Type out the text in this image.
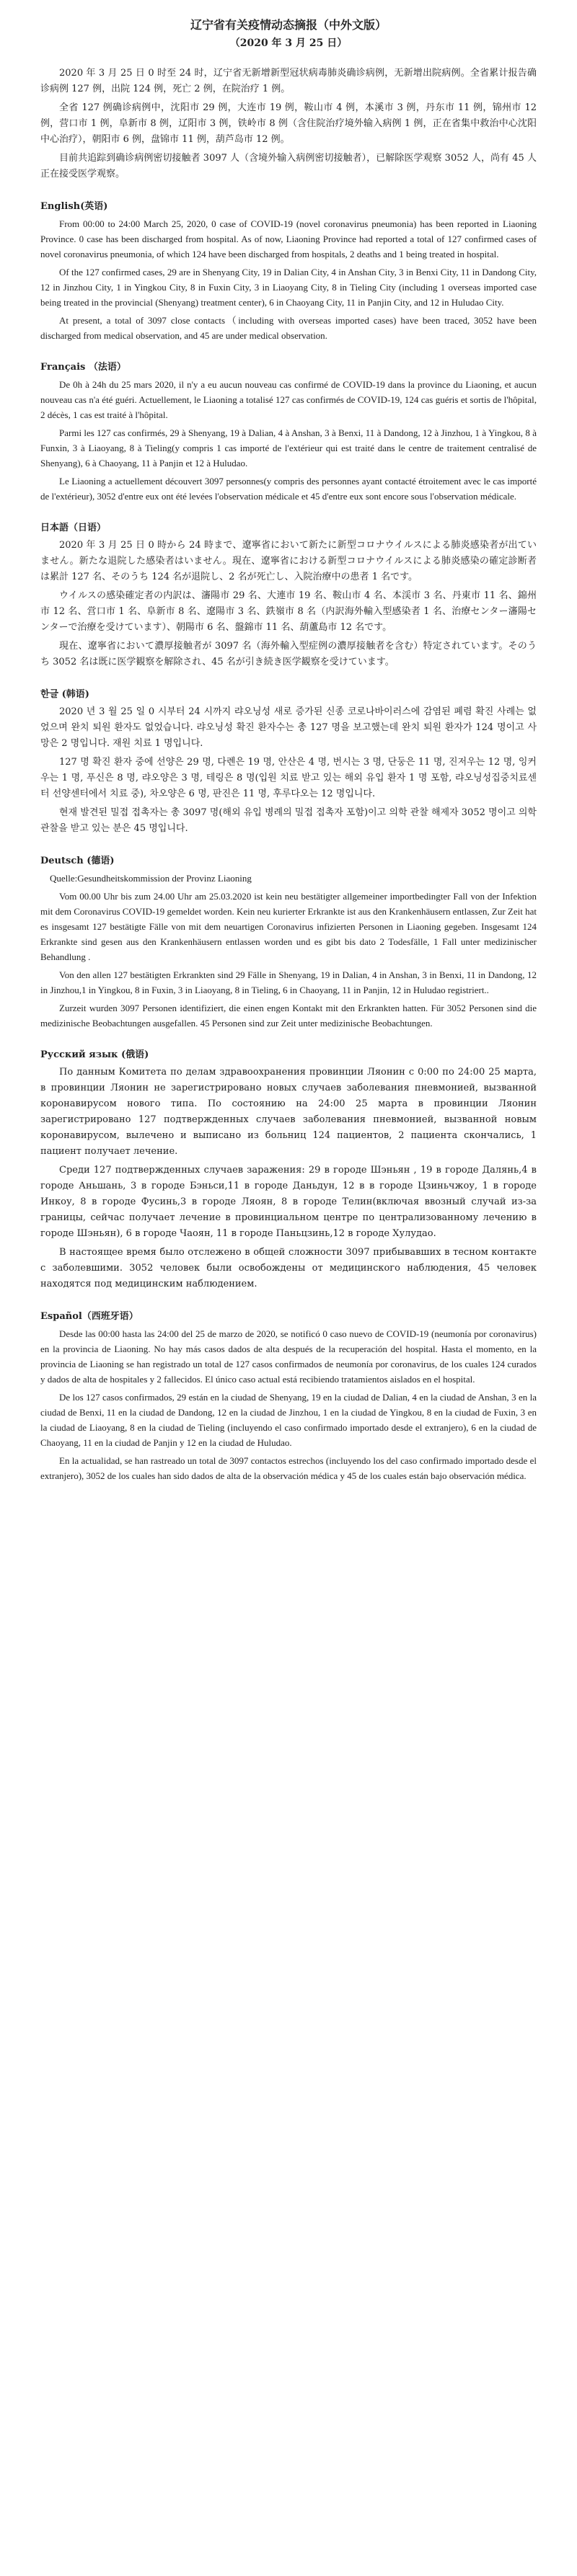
辽宁省有关疫情动态摘报（中外文版）
（2020 年 3 月 25 日）

2020 年 3 月 25 日 0 时至 24 时，辽宁省无新增新型冠状病毒肺炎确诊病例，无新增出院病例。全省累计报告确诊病例 127 例，出院 124 例，死亡 2 例，在院治疗 1 例。

全省 127 例确诊病例中，沈阳市 29 例，大连市 19 例，鞍山市 4 例，本溪市 3 例，丹东市 11 例，锦州市 12 例，营口市 1 例，阜新市 8 例，辽阳市 3 例，铁岭市 8 例（含住院治疗境外输入病例 1 例，正在省集中救治中心沈阳中心治疗），朝阳市 6 例，盘锦市 11 例，葫芦岛市 12 例。

目前共追踪到确诊病例密切接触者 3097 人（含境外输入病例密切接触者），已解除医学观察 3052 人，尚有 45 人正在接受医学观察。

English(英语)

From 00:00 to 24:00 March 25, 2020, 0 case of COVID-19 (novel coronavirus pneumonia) has been reported in Liaoning Province. 0 case has been discharged from hospital. As of now, Liaoning Province had reported a total of 127 confirmed cases of novel coronavirus pneumonia, of which 124 have been discharged from hospitals, 2 deaths and 1 being treated in hospital.

Of the 127 confirmed cases, 29 are in Shenyang City, 19 in Dalian City, 4 in Anshan City, 3 in Benxi City, 11 in Dandong City, 12 in Jinzhou City, 1 in Yingkou City, 8 in Fuxin City, 3 in Liaoyang City, 8 in Tieling City (including 1 overseas imported case being treated in the provincial (Shenyang) treatment center), 6 in Chaoyang City, 11 in Panjin City, and 12 in Huludao City.

At present, a total of 3097 close contacts（including with overseas imported cases) have been traced, 3052 have been discharged from medical observation, and 45 are under medical observation.

Français （法语）

De 0h à 24h du 25 mars 2020, il n'y a eu aucun nouveau cas confirmé de COVID-19 dans la province du Liaoning, et aucun nouveau cas n'a été guéri. Actuellement, le Liaoning a totalisé 127 cas confirmés de COVID-19, 124 cas guéris et sortis de l'hôpital, 2 décès, 1 cas est traité à l'hôpital.

Parmi les 127 cas confirmés, 29 à Shenyang, 19 à Dalian, 4 à Anshan, 3 à Benxi, 11 à Dandong, 12 à Jinzhou, 1 à Yingkou, 8 à Funxin, 3 à Liaoyang, 8 à Tieling(y compris 1 cas importé de l'extérieur qui est traité dans le centre de traitement centralisé de Shenyang), 6 à Chaoyang, 11 à Panjin et 12 à Huludao.

Le Liaoning a actuellement découvert 3097 personnes(y compris des personnes ayant contacté étroitement avec le cas importé de l'extérieur), 3052 d'entre eux ont été levées l'observation médicale et 45 d'entre eux sont encore sous l'observation médicale.

日本語（日语）

2020 年 3 月 25 日 0 時から 24 時まで、遼寧省において新たに新型コロナウイルスによる肺炎感染者が出ていません。新たな退院した感染者はいません。現在、遼寧省における新型コロナウイルスによる肺炎感染の確定診断者は累計 127 名、そのうち 124 名が退院し、2 名が死亡し、入院治療中の患者 1 名です。

ウイルスの感染確定者の内訳は、瀋陽市 29 名、大連市 19 名、鞍山市 4 名、本渓市 3 名、丹東市 11 名、錦州市 12 名、営口市 1 名、阜新市 8 名、遼陽市 3 名、鉄嶺市 8 名（内訳海外輸入型感染者 1 名、治療センター瀋陽センターで治療を受けています）、朝陽市 6 名、盤錦市 11 名、葫蘆島市 12 名です。

現在、遼寧省において濃厚接触者が 3097 名（海外輸入型症例の濃厚接触者を含む）特定されています。そのうち 3052 名は既に医学観察を解除され、45 名が引き続き医学観察を受けています。

한글 (韩语)

2020 년 3 월 25 일 0 시부터 24 시까지 랴오닝성 새로 증가된 신종 코로나바이러스에 감염된 폐렴 확진 사례는 없었으며 완치 퇴원 환자도 없었습니다. 랴오닝성 확진 환자수는 총 127 명을 보고했는데 완치 퇴원 환자가 124 명이고 사망은 2 명입니다. 재원 치료 1 명입니다.

127 명 확진 환자 중에 선양은 29 명, 다롄은 19 명, 안산은 4 명, 번시는 3 명, 단둥은 11 명, 진저우는 12 명, 잉커우는 1 명, 푸신은 8 명, 랴오양은 3 명, 테링은 8 명(입원 치료 받고 있는 해외 유입 환자 1 명 포함, 랴오닝성집중치료센터 선양센터에서 치료 중), 차오양은 6 명, 판진은 11 명, 후루다오는 12 명입니다.

현재 발견된 밀접 접촉자는 총 3097 명(해외 유입 병례의 밀접 접촉자 포함)이고 의학 관찰 해제자 3052 명이고 의학 관찰을 받고 있는 분은 45 명입니다.

Deutsch (德语)

Quelle:Gesundheitskommission der Provinz Liaoning

Vom 00.00 Uhr bis zum 24.00 Uhr am 25.03.2020 ist kein neu bestätigter allgemeiner importbedingter Fall von der Infektion mit dem Coronavirus COVID-19 gemeldet worden. Kein neu kurierter Erkrankte ist aus den Krankenhäusern entlassen, Zur Zeit hat es insgesamt 127 bestätigte Fälle von mit dem neuartigen Coronavirus infizierten Personen in Liaoning gegeben. Insgesamt 124 Erkrankte sind gesen aus den Krankenhäusern entlassen worden und es gibt bis dato 2 Todesfälle, 1 Fall unter medizinischer Behandlung .

Von den allen 127 bestätigten Erkrankten sind 29 Fälle in Shenyang, 19 in Dalian, 4 in Anshan, 3 in Benxi, 11 in Dandong, 12 in Jinzhou,1 in Yingkou, 8 in Fuxin, 3 in Liaoyang, 8 in Tieling, 6 in Chaoyang, 11 in Panjin, 12 in Huludao registriert..

Zurzeit wurden 3097 Personen identifiziert, die einen engen Kontakt mit den Erkrankten hatten. Für 3052 Personen sind die medizinische Beobachtungen ausgefallen. 45 Personen sind zur Zeit unter medizinische Beobachtungen.

Русский язык (俄语)

По данным Комитета по делам здравоохранения провинции Ляонин с 0:00 по 24:00 25 марта, в провинции Ляонин не зарегистрировано новых случаев заболевания пневмонией, вызванной коронавирусом нового типа. По состоянию на 24:00 25 марта в провинции Ляонин зарегистрировано 127 подтвержденных случаев заболевания пневмонией, вызванной новым коронавирусом, вылечено и выписано из больниц 124 пациентов, 2 пациента скончались, 1 пациент получает лечение.

Среди 127 подтвержденных случаев заражения: 29 в городе Шэньян , 19 в городе Далянь,4 в городе Аньшань, 3 в городе Бэньси,11 в городе Даньдун, 12 в в городе Цзиньчжоу, 1 в городе Инкоу, 8 в городе Фусинь,3 в городе Ляоян, 8 в городе Телин(включая ввозный случай из-за границы, сейчас получает лечение в провинциальном центре по централизованному лечению в городе Шэньян), 6 в городе Чаоян, 11 в городе Паньцзинь,12 в городе Хулудао.

В настоящее время было отслежено в общей сложности 3097 прибывавших в тесном контакте с заболевшими. 3052 человек были освобождены от медицинского наблюдения, 45 человек находятся под медицинским наблюдением.

Español（西班牙语）

Desde las 00:00 hasta las 24:00 del 25 de marzo de 2020, se notificó 0 caso nuevo de COVID-19 (neumonía por coronavirus) en la provincia de Liaoning. No hay más casos dados de alta después de la recuperación del hospital. Hasta el momento, en la provincia de Liaoning se han registrado un total de 127 casos confirmados de neumonía por coronavirus, de los cuales 124 curados y dados de alta de hospitales y 2 fallecidos. El único caso actual está recibiendo tratamientos aislados en el hospital.

De los 127 casos confirmados, 29 están en la ciudad de Shenyang, 19 en la ciudad de Dalian, 4 en la ciudad de Anshan, 3 en la ciudad de Benxi, 11 en la ciudad de Dandong, 12 en la ciudad de Jinzhou, 1 en la ciudad de Yingkou, 8 en la ciudad de Fuxin, 3 en la ciudad de Liaoyang, 8 en la ciudad de Tieling (incluyendo el caso confirmado importado desde el extranjero), 6 en la ciudad de Chaoyang, 11 en la ciudad de Panjin y 12 en la ciudad de Huludao.

En la actualidad, se han rastreado un total de 3097 contactos estrechos (incluyendo los del caso confirmado importado desde el extranjero), 3052 de los cuales han sido dados de alta de la observación médica y 45 de los cuales están bajo observación médica.
